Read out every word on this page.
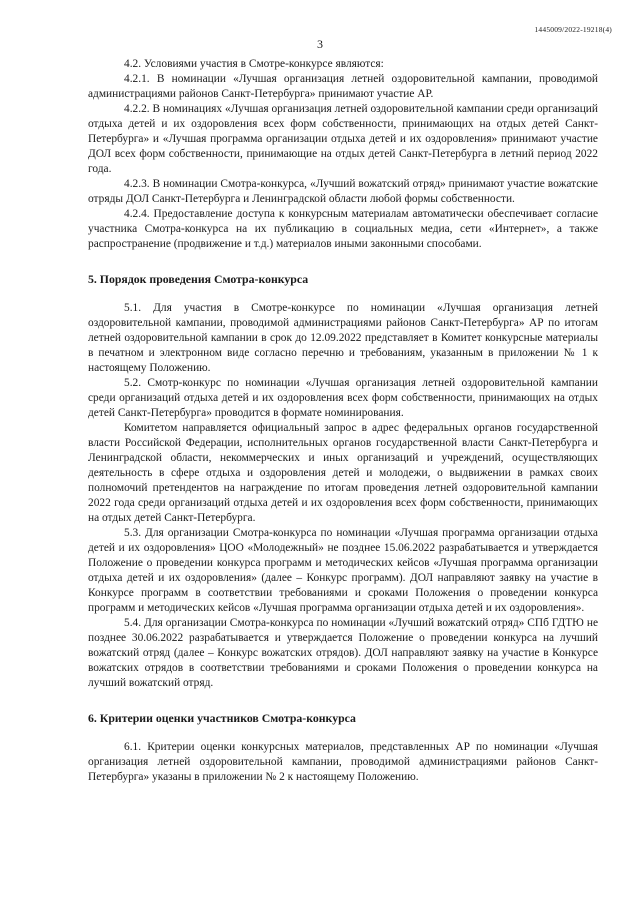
1445009/2022-19218(4)
3

4.2. Условиями участия в Смотре-конкурсе являются:

4.2.1. В номинации «Лучшая организация летней оздоровительной кампании, проводимой администрациями районов Санкт-Петербурга» принимают участие АР.

4.2.2. В номинациях «Лучшая организация летней оздоровительной кампании среди организаций отдыха детей и их оздоровления всех форм собственности, принимающих на отдых детей Санкт-Петербурга» и «Лучшая программа организации отдыха детей и их оздоровления» принимают участие ДОЛ всех форм собственности, принимающие на отдых детей Санкт-Петербурга в летний период 2022 года.

4.2.3. В номинации Смотра-конкурса, «Лучший вожатский отряд» принимают участие вожатские отряды ДОЛ Санкт-Петербурга и Ленинградской области любой формы собственности.

4.2.4. Предоставление доступа к конкурсным материалам автоматически обеспечивает согласие участника Смотра-конкурса на их публикацию в социальных медиа, сети «Интернет», а также распространение (продвижение и т.д.) материалов иными законными способами.

5. Порядок проведения Смотра-конкурса

5.1. Для участия в Смотре-конкурсе по номинации «Лучшая организация летней оздоровительной кампании, проводимой администрациями районов Санкт-Петербурга» АР по итогам летней оздоровительной кампании в срок до 12.09.2022 представляет в Комитет конкурсные материалы в печатном и электронном виде согласно перечню и требованиям, указанным в приложении № 1 к настоящему Положению.

5.2. Смотр-конкурс по номинации «Лучшая организация летней оздоровительной кампании среди организаций отдыха детей и их оздоровления всех форм собственности, принимающих на отдых детей Санкт-Петербурга» проводится в формате номинирования.

Комитетом направляется официальный запрос в адрес федеральных органов государственной власти Российской Федерации, исполнительных органов государственной власти Санкт-Петербурга и Ленинградской области, некоммерческих и иных организаций и учреждений, осуществляющих деятельность в сфере отдыха и оздоровления детей и молодежи, о выдвижении в рамках своих полномочий претендентов на награждение по итогам проведения летней оздоровительной кампании 2022 года среди организаций отдыха детей и их оздоровления всех форм собственности, принимающих на отдых детей Санкт-Петербурга.

5.3. Для организации Смотра-конкурса по номинации «Лучшая программа организации отдыха детей и их оздоровления» ЦОО «Молодежный» не позднее 15.06.2022 разрабатывается и утверждается Положение о проведении конкурса программ и методических кейсов «Лучшая программа организации отдыха детей и их оздоровления» (далее – Конкурс программ). ДОЛ направляют заявку на участие в Конкурсе программ в соответствии требованиями и сроками Положения о проведении конкурса программ и методических кейсов «Лучшая программа организации отдыха детей и их оздоровления».

5.4. Для организации Смотра-конкурса по номинации «Лучший вожатский отряд» СПб ГДТЮ не позднее 30.06.2022 разрабатывается и утверждается Положение о проведении конкурса на лучший вожатский отряд (далее – Конкурс вожатских отрядов). ДОЛ направляют заявку на участие в Конкурсе вожатских отрядов в соответствии требованиями и сроками Положения о проведении конкурса на лучший вожатский отряд.

6. Критерии оценки участников Смотра-конкурса

6.1. Критерии оценки конкурсных материалов, представленных АР по номинации «Лучшая организация летней оздоровительной кампании, проводимой администрациями районов Санкт-Петербурга» указаны в приложении № 2 к настоящему Положению.
